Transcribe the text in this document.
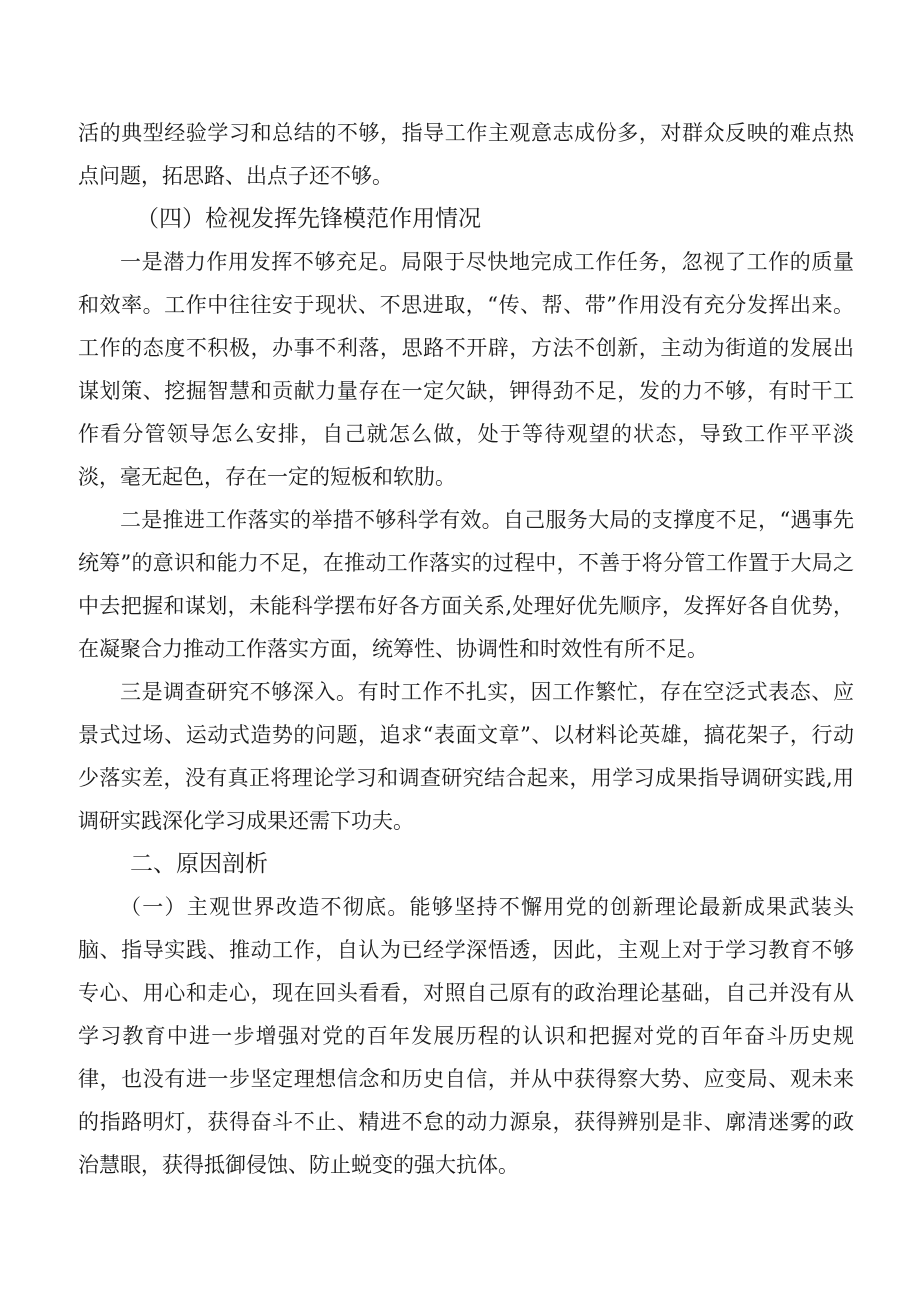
活的典型经验学习和总结的不够，指导工作主观意志成份多，对群众反映的难点热点问题，拓思路、出点子还不够。

（四）检视发挥先锋模范作用情况

一是潜力作用发挥不够充足。局限于尽快地完成工作任务，忽视了工作的质量和效率。工作中往往安于现状、不思进取，“传、帮、带”作用没有充分发挥出来。工作的态度不积极，办事不利落，思路不开辟，方法不创新，主动为街道的发展出谋划策、挖掘智慧和贡献力量存在一定欠缺，钾得劲不足，发的力不够，有时干工作看分管领导怎么安排，自己就怎么做，处于等待观望的状态，导致工作平平淡淡，毫无起色，存在一定的短板和软肋。

二是推进工作落实的举措不够科学有效。自己服务大局的支撑度不足，“遇事先统筹”的意识和能力不足，在推动工作落实的过程中，不善于将分管工作置于大局之中去把握和谋划，未能科学摆布好各方面关系,处理好优先顺序，发挥好各自优势，在凝聚合力推动工作落实方面，统筹性、协调性和时效性有所不足。

三是调查研究不够深入。有时工作不扎实，因工作繁忙，存在空泛式表态、应景式过场、运动式造势的问题，追求“表面文章”、以材料论英雄，搞花架子，行动少落实差，没有真正将理论学习和调查研究结合起来，用学习成果指导调研实践,用调研实践深化学习成果还需下功夫。

二、原因剖析

（一）主观世界改造不彻底。能够坚持不懈用党的创新理论最新成果武装头脑、指导实践、推动工作，自认为已经学深悟透，因此，主观上对于学习教育不够专心、用心和走心，现在回头看看，对照自己原有的政治理论基础，自己并没有从学习教育中进一步增强对党的百年发展历程的认识和把握对党的百年奋斗历史规律，也没有进一步坚定理想信念和历史自信，并从中获得察大势、应变局、观未来的指路明灯，获得奋斗不止、精进不怠的动力源泉，获得辨别是非、廓清迷雾的政治慧眼，获得抵御侵蚀、防止蜕变的强大抗体。
